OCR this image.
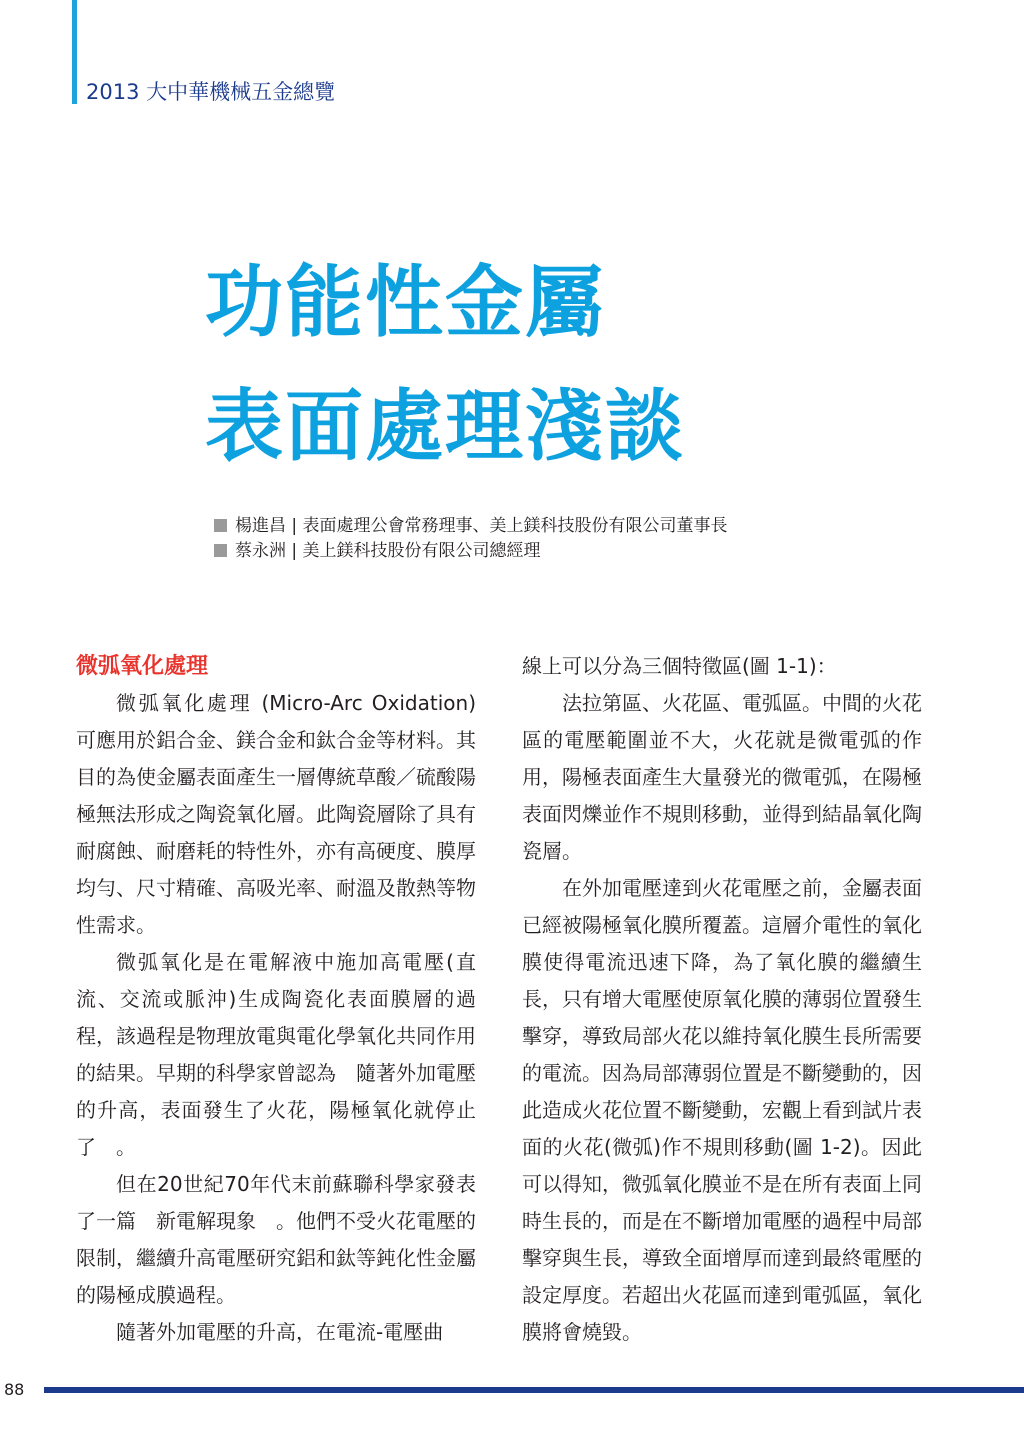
2013 大中華機械五金總覽
功能性金屬
表面處理淺談
楊進昌 | 表面處理公會常務理事、美上鎂科技股份有限公司董事長
蔡永洲 | 美上鎂科技股份有限公司總經理
微弧氧化處理

微弧氧化處理 (Micro-Arc Oxidation) 可應用於鋁合金、鎂合金和鈦合金等材料。其目的為使金屬表面產生一層傳統草酸／硫酸陽極無法形成之陶瓷氧化層。此陶瓷層除了具有耐腐蝕、耐磨耗的特性外，亦有高硬度、膜厚均勻、尺寸精確、高吸光率、耐溫及散熱等物性需求。

微弧氧化是在電解液中施加高電壓(直流、交流或脈沖)生成陶瓷化表面膜層的過程，該過程是物理放電與電化學氧化共同作用的結果。早期的科學家曾認為　隨著外加電壓的升高，表面發生了火花，陽極氧化就停止了　。

但在20世紀70年代末前蘇聯科學家發表了一篇　新電解現象　。他們不受火花電壓的限制，繼續升高電壓研究鋁和鈦等鈍化性金屬的陽極成膜過程。

隨著外加電壓的升高，在電流-電壓曲

線上可以分為三個特徵區(圖 1-1)：

法拉第區、火花區、電弧區。中間的火花區的電壓範圍並不大，火花就是微電弧的作用，陽極表面產生大量發光的微電弧，在陽極表面閃爍並作不規則移動，並得到結晶氧化陶瓷層。

在外加電壓達到火花電壓之前，金屬表面已經被陽極氧化膜所覆蓋。這層介電性的氧化膜使得電流迅速下降，為了氧化膜的繼續生長，只有增大電壓使原氧化膜的薄弱位置發生擊穿，導致局部火花以維持氧化膜生長所需要的電流。因為局部薄弱位置是不斷變動的，因此造成火花位置不斷變動，宏觀上看到試片表面的火花(微弧)作不規則移動(圖 1-2)。因此可以得知，微弧氧化膜並不是在所有表面上同時生長的，而是在不斷增加電壓的過程中局部擊穿與生長，導致全面增厚而達到最終電壓的設定厚度。若超出火花區而達到電弧區，氧化膜將會燒毀。

88
